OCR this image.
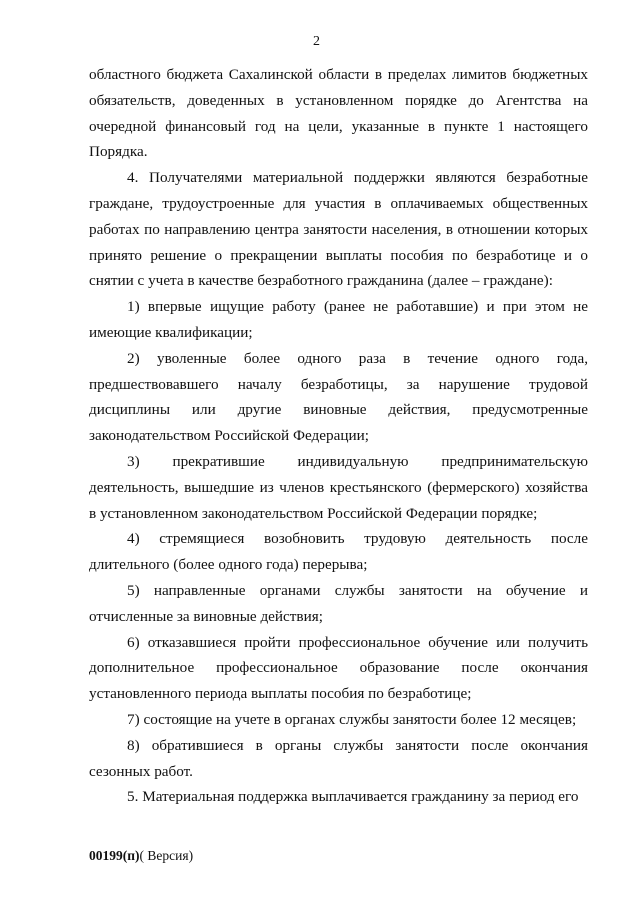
2

областного бюджета Сахалинской области в пределах лимитов бюджетных обязательств, доведенных в установленном порядке до Агентства на очередной финансовый год на цели, указанные в пункте 1 настоящего Порядка.

4. Получателями материальной поддержки являются безработные граждане, трудоустроенные для участия в оплачиваемых общественных работах по направлению центра занятости населения, в отношении которых принято решение о прекращении выплаты пособия по безработице и о снятии с учета в качестве безработного гражданина (далее – граждане):

1) впервые ищущие работу (ранее не работавшие) и при этом не имеющие квалификации;

2) уволенные более одного раза в течение одного года, предшествовавшего началу безработицы, за нарушение трудовой дисциплины или другие виновные действия, предусмотренные законодательством Российской Федерации;

3) прекратившие индивидуальную предпринимательскую деятельность, вышедшие из членов крестьянского (фермерского) хозяйства в установленном законодательством Российской Федерации порядке;

4) стремящиеся возобновить трудовую деятельность после длительного (более одного года) перерыва;

5) направленные органами службы занятости на обучение и отчисленные за виновные действия;

6) отказавшиеся пройти профессиональное обучение или получить дополнительное профессиональное образование после окончания установленного периода выплаты пособия по безработице;

7) состоящие на учете в органах службы занятости более 12 месяцев;

8) обратившиеся в органы службы занятости после окончания сезонных работ.

5. Материальная поддержка выплачивается гражданину за период его

00199(п)( Версия)
